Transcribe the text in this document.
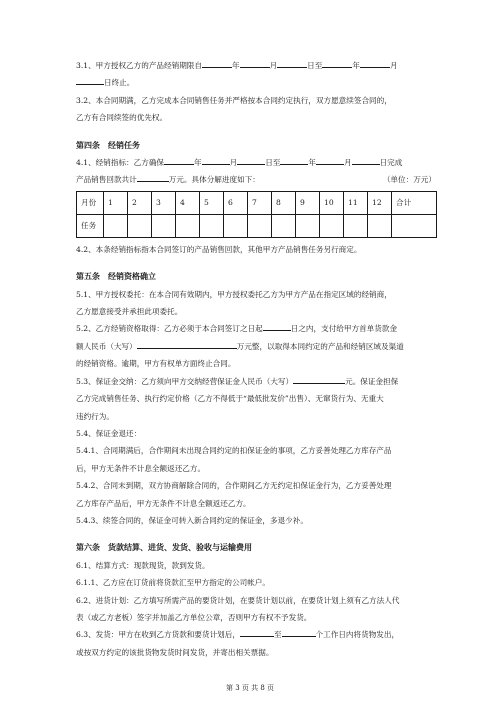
3.1、甲方授权乙方的产品经销期限自	年	月	日至	年	月

日终止。

3.2、本合同期满，乙方完成本合同销售任务并严格按本合同约定执行，双方愿意续签合同的，

乙方有合同续签的优先权。

第四条　经销任务

4.1、经销指标：乙方确保	年	月	日至	年	月	日完成

产品销售回款共计	万元。具体分解进度如下：	（单位：万元）

月份	1	2	3	4	5	6	7	8	9	10	11	12	合计
任务													

4.2、本条经销指标指本合同签订的产品销售回款，其他甲方产品销售任务另行商定。

第五条　经销资格确立

5.1、甲方授权委托：在本合同有效期内，甲方授权委托乙方为甲方产品在指定区域的经销商，

乙方愿意接受并承担此项委托。

5.2、乙方经销资格取得：乙方必须于本合同签订之日起	日之内，支付给甲方首单货款金

额人民币（大写）	万元整，以取得本同约定的产品和经销区域及渠道

的经销资格。逾期，甲方有权单方面终止合同。

5.3、保证金交纳：乙方须向甲方交纳经营保证金人民币（大写）	元。保证金担保

乙方完成销售任务、执行约定价格（乙方不得低于“最低批发价”出售）、无窜货行为、无重大

违约行为。

5.4、保证金退还：

5.4.1、合同期满后，合作期间未出现合同约定的扣保证金的事项，乙方妥善处理乙方库存产品

后，甲方无条件不计息全额返还乙方。

5.4.2、合同未到期，双方协商解除合同的，合作期间乙方无约定扣保证金行为，乙方妥善处理

乙方库存产品后，甲方无条件不计息全额返还乙方。

5.4.3、续签合同的，保证金可转入新合同约定的保证金，多退少补。

第六条　货款结算、进货、发货、验收与运输费用

6.1、结算方式：现款现货，款到发货。

6.1.1、乙方应在订货前将货款汇至甲方指定的公司帐户。

6.2、进货计划：乙方填写所需产品的要货计划，在要货计划以前，在要货计划上须有乙方法人代

表（或乙方老板）签字并加盖乙方单位公章，否则甲方有权不予发货。

6.3、发货：甲方在收到乙方货款和要货计划后，	至	个工作日内将货物发出，

或按双方约定的该批货物发货时间发货，并寄出相关票据。

第 3 页 共 8 页
